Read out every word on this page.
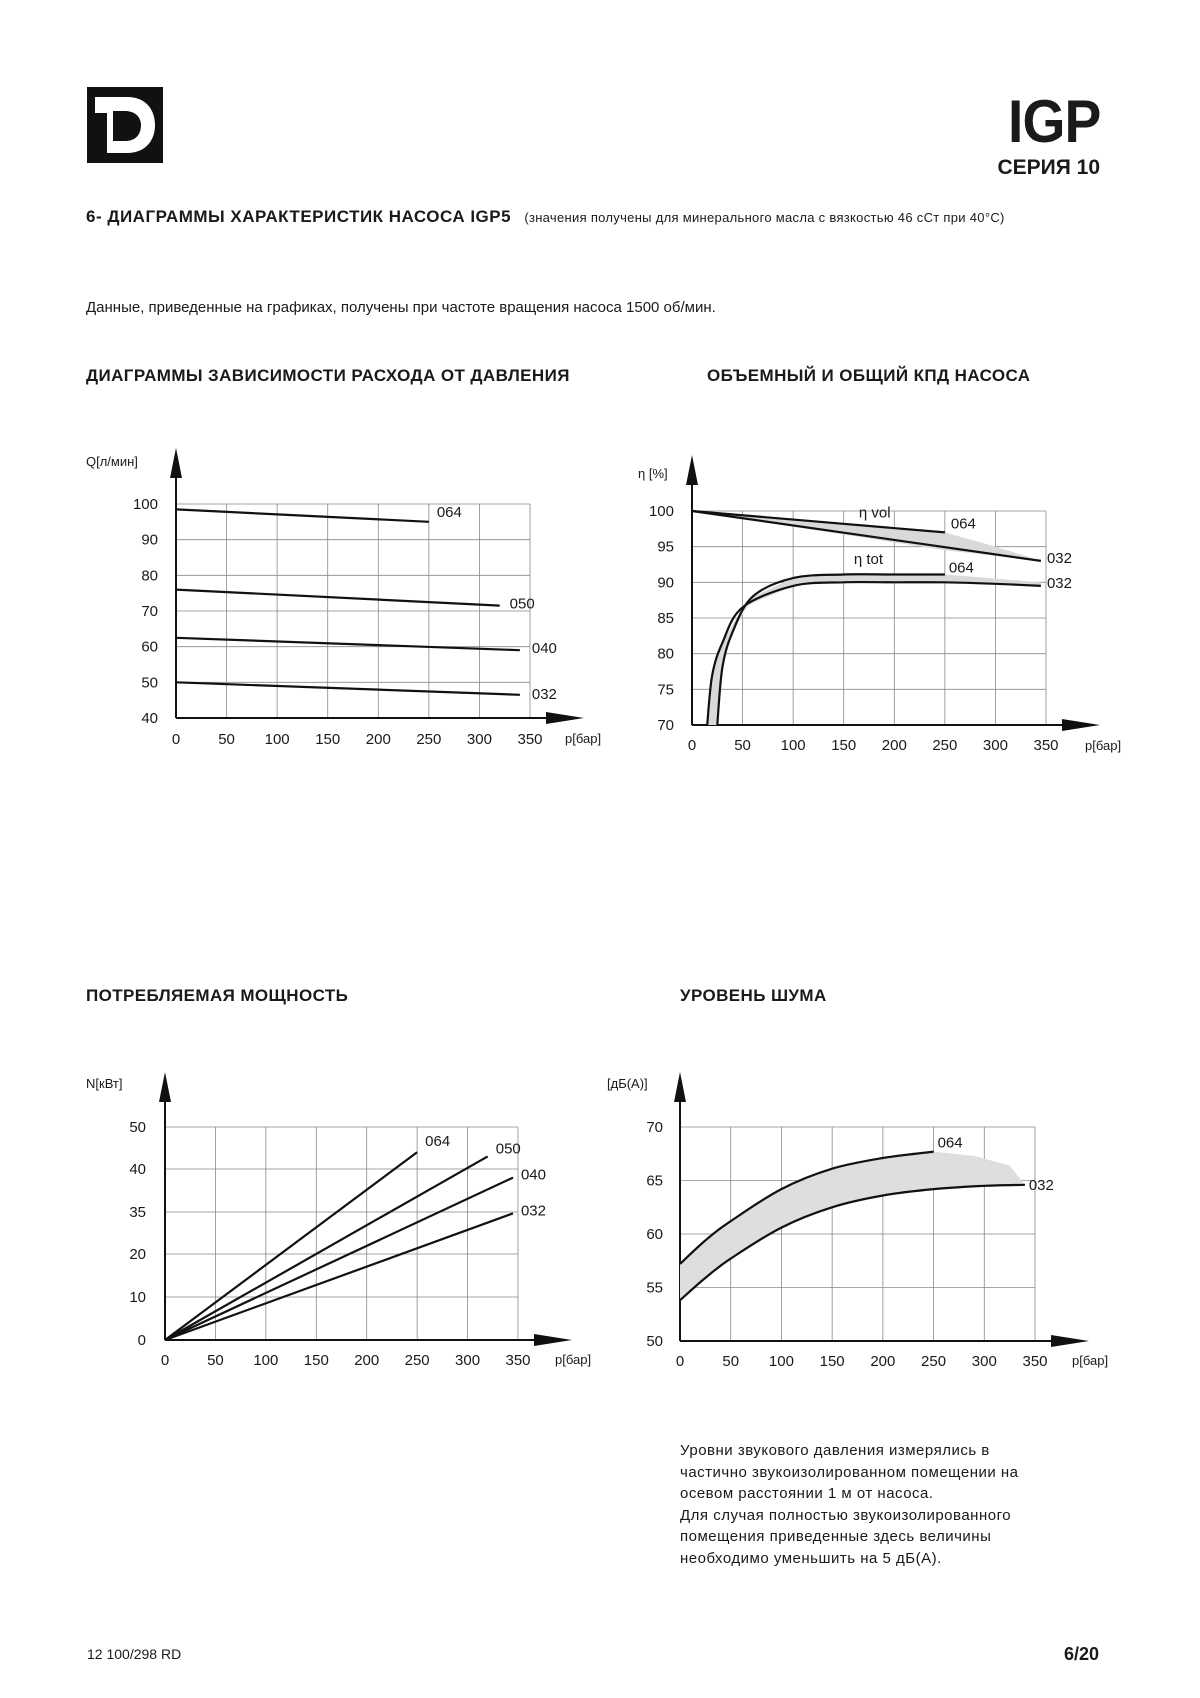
IGP
СЕРИЯ 10
6- ДИАГРАММЫ ХАРАКТЕРИСТИК НАСОСА IGP5 (значения получены для минерального масла с вязкостью 46 сСт при 40°C)
Данные, приведенные на графиках, получены при частоте вращения насоса 1500 об/мин.
ДИАГРАММЫ ЗАВИСИМОСТИ РАСХОДА ОТ ДАВЛЕНИЯ	ОБЪЕМНЫЙ И ОБЩИЙ КПД НАСОСА
ПОТРЕБЛЯЕМАЯ МОЩНОСТЬ	УРОВЕНЬ ШУМА
0	50 100 150 200 250 300 350
40
50
60
70
80
90
100
Q[л/мин]
р[бар]
064
050
040
032
0	50 100 150 200 250 300 350
70
75
80
85
90
95
100
η [%]
р[бар]
064
032
064
032
η vol
η tot
0	50 100 150 200 250 300 350
0
10
20
35
40
50
N[кВт]
р[бар]
064	050
040
032
0	50 100 150 200 250 300 350
50
55
60
65
70
[дБ(А)]
р[бар]
064
032
Уровни звукового давления измерялись в
частично звукоизолированном помещении на
осевом расстоянии 1 м от насоса.
Для случая полностью звукоизолированного
помещения приведенные здесь величины
необходимо уменьшить на 5 дБ(А).
12 100/298 RD	6/20
